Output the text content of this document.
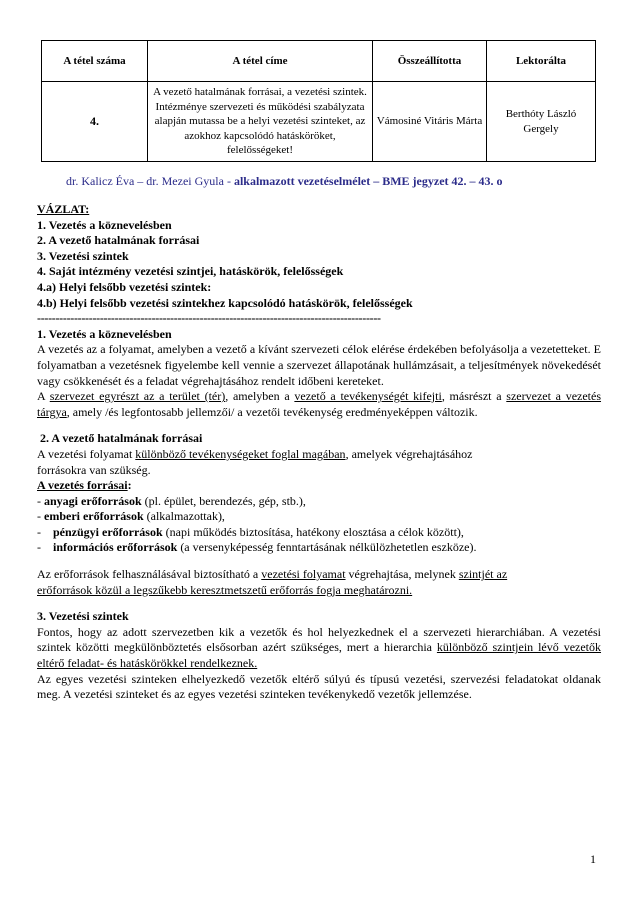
A tétel száma	A tétel címe	Összeállította	Lektorálta
4.	A vezető hatalmának forrásai, a vezetési szintek. Intézménye szervezeti és működési szabályzata alapján mutassa be a helyi vezetési szinteket, az azokhoz kapcsolódó hatásköröket, felelősségeket!	Vámosiné Vitáris Márta	Berthóty László Gergely
dr. Kalicz Éva – dr. Mezei Gyula - alkalmazott vezetéselmélet – BME jegyzet 42. – 43. o

VÁZLAT:

1. Vezetés a köznevelésben

2. A vezető hatalmának forrásai

3. Vezetési szintek

4. Saját intézmény vezetési szintjei, hatáskörök, felelősségek

4.a) Helyi felsőbb vezetési szintek:

4.b) Helyi felsőbb vezetési szintekhez kapcsolódó hatáskörök, felelősségek

---------------------------------------------------------------------------------------------

1. Vezetés a köznevelésben

A vezetés az a folyamat, amelyben a vezető a kívánt szervezeti célok elérése érdekében befolyásolja a vezetetteket. E folyamatban a vezetésnek figyelembe kell vennie a szervezet állapotának hullámzásait, a teljesítmények növekedését vagy csökkenését és a feladat végrehajtásához rendelt időbeni kereteket.

A szervezet egyrészt az a terület (tér), amelyben a vezető a tevékenységét kifejti, másrészt a szervezet a vezetés tárgya, amely /és legfontosabb jellemzői/ a vezetői tevékenység eredményeképpen változik.

2. A vezető hatalmának forrásai

A vezetési folyamat különböző tevékenységeket foglal magában, amelyek végrehajtásához

forrásokra van szükség.

A vezetés forrásai:

- anyagi erőforrások (pl. épület, berendezés, gép, stb.),

- emberi erőforrások (alkalmazottak),

-    pénzügyi erőforrások (napi működés biztosítása, hatékony elosztása a célok között),

-    információs erőforrások (a versenyképesség fenntartásának nélkülözhetetlen eszköze).

Az erőforrások felhasználásával biztosítható a vezetési folyamat végrehajtása, melynek szintjét az
erőforrások közül a legszűkebb keresztmetszetű erőforrás fogja meghatározni.

3. Vezetési szintek

Fontos, hogy az adott szervezetben kik a vezetők és hol helyezkednek el a szervezeti hierarchiában. A vezetési szintek közötti megkülönböztetés elsősorban azért szükséges, mert a hierarchia különböző szintjein lévő vezetők eltérő feladat- és hatáskörökkel rendelkeznek.

Az egyes vezetési szinteken elhelyezkedő vezetők eltérő súlyú és típusú vezetési, szervezési feladatokat oldanak meg. A vezetési szinteket és az egyes vezetési szinteken tevékenykedő vezetők jellemzése.

1
